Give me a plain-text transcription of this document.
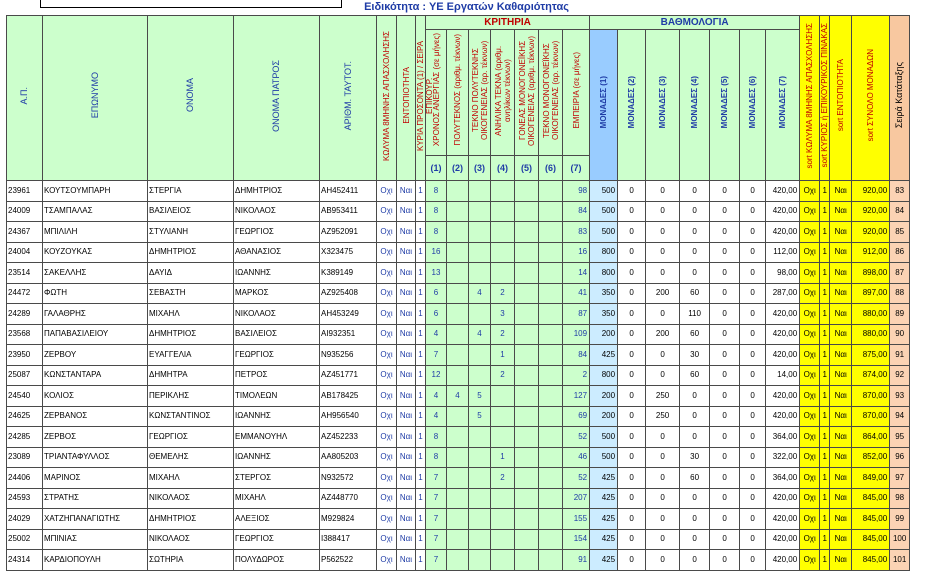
Ειδικότητα : ΥΕ Εργατών Καθαριότητας
Α.Π.	ΕΠΩΝΥΜΟ	ΟΝΟΜΑ	ΟΝΟΜΑ ΠΑΤΡΟΣ	ΑΡΙΘΜ. ΤΑΥΤΟΤ.	ΚΩΛΥΜΑ 8ΜΗΝΗΣ ΑΠΑΣΧΟΛΗΣΗΣ	ΕΝΤΟΠΙΟΤΗΤΑ	ΚΥΡΙΑ ΠΡΟΣΟΝΤΑ (1) / ΣΕΙΡΑ ΕΠΙΚΟΥΡ.	ΚΡΙΤΗΡΙΑ							ΒΑΘΜΟΛΟΓΙΑ							sort ΚΩΛΥΜΑ 8ΜΗΝΗΣ ΑΠΑΣΧΟΛΗΣΗΣ	sort ΚΥΡΙΟΣ ή ΕΠΙΚΟΥΡΙΚΟΣ ΠΙΝΑΚΑΣ	sort ΕΝΤΟΠΙΟΤΗΤΑ	sort ΣΥΝΟΛΟ ΜΟΝΑΔΩΝ	Σειρά Κατάταξης
								ΧΡΟΝΟΣ ΑΝΕΡΓΙΑΣ (σε μήνες)	ΠΟΛΥΤΕΚΝΟΣ (αριθμ. τέκνων)	ΤΕΚΝΟ ΠΟΛΥΤΕΚΝΗΣ ΟΙΚΟΓΕΝΕΙΑΣ (αρ. τέκνων)	ΑΝΗΛΙΚΑ ΤΕΚΝΑ (αριθμ. ανηλίκων τέκνων)	ΓΟΝΕΑΣ ΜΟΝΟΓΟΝΕΪΚΗΣ ΟΙΚΟΓΕΝΕΙΑΣ (αριθμ. τέκνων)	ΤΕΚΝΟ ΜΟΝΟΓΟΝΕΪΚΗΣ ΟΙΚΟΓΕΝΕΙΑΣ (αρ. τέκνων)	ΕΜΠΕΙΡΙΑ (σε μήνες)	ΜΟΝΑΔΕΣ (1)	ΜΟΝΑΔΕΣ (2)	ΜΟΝΑΔΕΣ (3)	ΜΟΝΑΔΕΣ (4)	ΜΟΝΑΔΕΣ (5)	ΜΟΝΑΔΕΣ (6)	ΜΟΝΑΔΕΣ (7)					
								(1)	(2)	(3)	(4)	(5)	(6)	(7)												
23961	ΚΟΥΤΣΟΥΜΠΑΡΗ	ΣΤΕΡΓΙΑ	ΔΗΜΗΤΡΙΟΣ	ΑΗ452411	Οχι	Ναι	1	8						98	500	0	0	0	0	0	420,00	Οχι	1	Ναι	920,00	83
24009	ΤΣΑΜΠΑΛΑΣ	ΒΑΣΙΛΕΙΟΣ	ΝΙΚΟΛΑΟΣ	ΑΒ953411	Οχι	Ναι	1	8						84	500	0	0	0	0	0	420,00	Οχι	1	Ναι	920,00	84
24367	ΜΠΙΛΙΛΗ	ΣΤΥΛΙΑΝΗ	ΓΕΩΡΓΙΟΣ	ΑΖ952091	Οχι	Ναι	1	8						83	500	0	0	0	0	0	420,00	Οχι	1	Ναι	920,00	85
24004	ΚΟΥΖΟΥΚΑΣ	ΔΗΜΗΤΡΙΟΣ	ΑΘΑΝΑΣΙΟΣ	Χ323475	Οχι	Ναι	1	16						16	800	0	0	0	0	0	112,00	Οχι	1	Ναι	912,00	86
23514	ΣΑΚΕΛΛΗΣ	ΔΑΥΙΔ	ΙΩΑΝΝΗΣ	Κ389149	Οχι	Ναι	1	13						14	800	0	0	0	0	0	98,00	Οχι	1	Ναι	898,00	87
24472	ΦΩΤΗ	ΣΕΒΑΣΤΗ	ΜΑΡΚΟΣ	ΑΖ925408	Οχι	Ναι	1	6		4	2			41	350	0	200	60	0	0	287,00	Οχι	1	Ναι	897,00	88
24289	ΓΑΛΑΘΡΗΣ	ΜΙΧΑΗΛ	ΝΙΚΟΛΑΟΣ	ΑΗ453249	Οχι	Ναι	1	6			3			87	350	0	0	110	0	0	420,00	Οχι	1	Ναι	880,00	89
23568	ΠΑΠΑΒΑΣΙΛΕΙΟΥ	ΔΗΜΗΤΡΙΟΣ	ΒΑΣΙΛΕΙΟΣ	ΑΙ932351	Οχι	Ναι	1	4		4	2			109	200	0	200	60	0	0	420,00	Οχι	1	Ναι	880,00	90
23950	ΖΕΡΒΟΥ	ΕΥΑΓΓΕΛΙΑ	ΓΕΩΡΓΙΟΣ	Ν935256	Οχι	Ναι	1	7			1			84	425	0	0	30	0	0	420,00	Οχι	1	Ναι	875,00	91
25087	ΚΩΝΣΤΑΝΤΑΡΑ	ΔΗΜΗΤΡΑ	ΠΕΤΡΟΣ	ΑΖ451771	Οχι	Ναι	1	12			2			2	800	0	0	60	0	0	14,00	Οχι	1	Ναι	874,00	92
24540	ΚΟΛΙΟΣ	ΠΕΡΙΚΛΗΣ	ΤΙΜΟΛΕΩΝ	ΑΒ178425	Οχι	Ναι	1	4	4	5				127	200	0	250	0	0	0	420,00	Οχι	1	Ναι	870,00	93
24625	ΖΕΡΒΑΝΟΣ	ΚΩΝΣΤΑΝΤΙΝΟΣ	ΙΩΑΝΝΗΣ	ΑΗ956540	Οχι	Ναι	1	4		5				69	200	0	250	0	0	0	420,00	Οχι	1	Ναι	870,00	94
24285	ΖΕΡΒΟΣ	ΓΕΩΡΓΙΟΣ	ΕΜΜΑΝΟΥΗΛ	ΑΖ452233	Οχι	Ναι	1	8						52	500	0	0	0	0	0	364,00	Οχι	1	Ναι	864,00	95
23089	ΤΡΙΑΝΤΑΦΥΛΛΟΣ	ΘΕΜΕΛΗΣ	ΙΩΑΝΝΗΣ	ΑΑ805203	Οχι	Ναι	1	8			1			46	500	0	0	30	0	0	322,00	Οχι	1	Ναι	852,00	96
24406	ΜΑΡΙΝΟΣ	ΜΙΧΑΗΛ	ΣΤΕΡΓΟΣ	Ν932572	Οχι	Ναι	1	7			2			52	425	0	0	60	0	0	364,00	Οχι	1	Ναι	849,00	97
24593	ΣΤΡΑΤΗΣ	ΝΙΚΟΛΑΟΣ	ΜΙΧΑΗΛ	ΑΖ448770	Οχι	Ναι	1	7						207	425	0	0	0	0	0	420,00	Οχι	1	Ναι	845,00	98
24029	ΧΑΤΖΗΠΑΝΑΓΙΩΤΗΣ	ΔΗΜΗΤΡΙΟΣ	ΑΛΕΞΙΟΣ	Μ929824	Οχι	Ναι	1	7						155	425	0	0	0	0	0	420,00	Οχι	1	Ναι	845,00	99
25002	ΜΠΙΝΙΑΣ	ΝΙΚΟΛΑΟΣ	ΓΕΩΡΓΙΟΣ	Ι388417	Οχι	Ναι	1	7						154	425	0	0	0	0	0	420,00	Οχι	1	Ναι	845,00	100
24314	ΚΑΡΔΙΟΠΟΥΛΗ	ΣΩΤΗΡΙΑ	ΠΟΛΥΔΩΡΟΣ	Ρ562522	Οχι	Ναι	1	7						91	425	0	0	0	0	0	420,00	Οχι	1	Ναι	845,00	101
